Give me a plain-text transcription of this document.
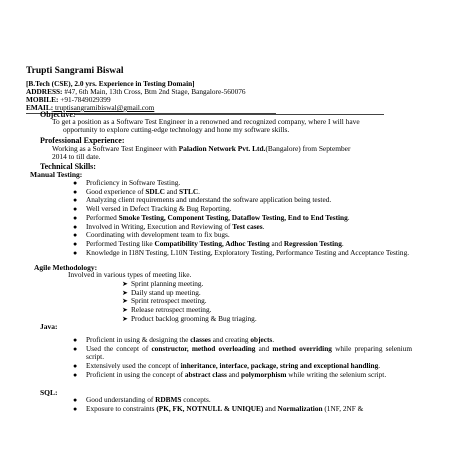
Trupti Sangrami Biswal
[B.Tech (CSE), 2.0 yrs. Experience in Testing Domain]
ADDRESS: #47, 6th Main, 13th Cross, Btm 2nd Stage, Bangalore-560076
MOBILE: +91-7849029399
EMAIL: truptisangramibiswal@gmail.com
Objective:
To get a position as a Software Test Engineer in a renowned and recognized company, where I will have
opportunity to explore cutting-edge technology and hone my software skills.
Professional Experience:
Working as a Software Test Engineer with Paladion Network Pvt. Ltd.(Bangalore) from September
2014 to till date.
Technical Skills:
Manual Testing:
● Proficiency in Software Testing.
● Good experience of SDLC and STLC.
● Analyzing client requirements and understand the software application being tested.
● Well versed in Defect Tracking & Bug Reporting.
● Performed Smoke Testing, Component Testing, Dataflow Testing, End to End Testing.
● Involved in Writing, Execution and Reviewing of Test cases.
● Coordinating with development team to fix bugs.
● Performed Testing like Compatibility Testing, Adhoc Testing and Regression Testing.
● Knowledge in I18N Testing, L10N Testing, Exploratory Testing, Performance Testing and Acceptance Testing.
Agile Methodology:
Involved in various types of meeting like.
➤ Sprint planning meeting.
➤ Daily stand up meeting.
➤ Sprint retrospect meeting.
➤ Release retrospect meeting.
➤ Product backlog grooming & Bug triaging.
Java:
● Proficient in using & designing the classes and creating objects.
● Used the concept of constructor, method overloading and method overriding while preparing selenium script.
● Extensively used the concept of inheritance, interface, package, string and exceptional handling.
● Proficient in using the concept of abstract class and polymorphism while writing the selenium script.
SQL:
● Good understanding of RDBMS concepts.
● Exposure to constraints (PK, FK, NOTNULL & UNIQUE) and Normalization (1NF, 2NF &
